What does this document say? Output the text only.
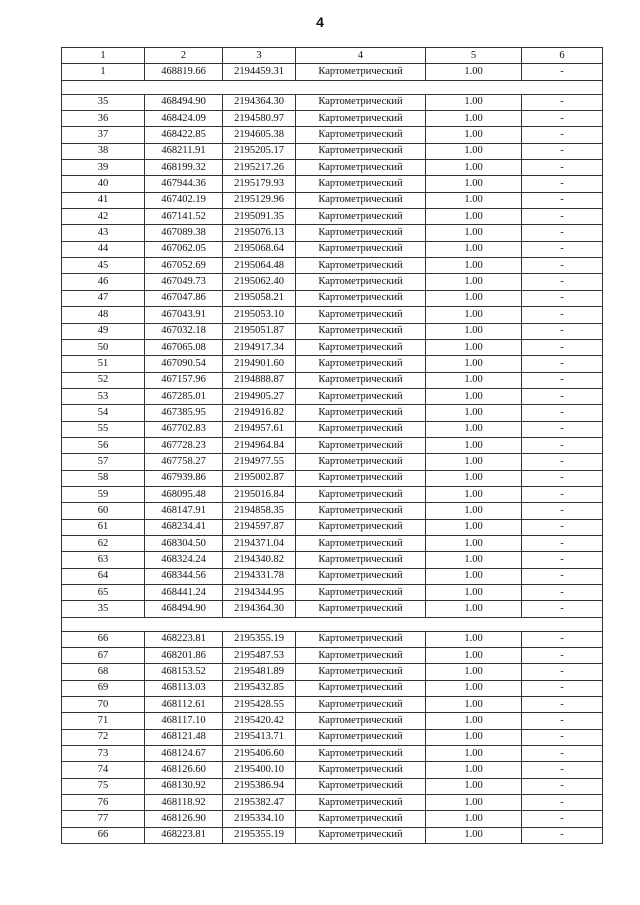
4
1	2	3	4	5	6
1	468819.66	2194459.31	Картометрический	1.00	-

35	468494.90	2194364.30	Картометрический	1.00	-
36	468424.09	2194580.97	Картометрический	1.00	-
37	468422.85	2194605.38	Картометрический	1.00	-
38	468211.91	2195205.17	Картометрический	1.00	-
39	468199.32	2195217.26	Картометрический	1.00	-
40	467944.36	2195179.93	Картометрический	1.00	-
41	467402.19	2195129.96	Картометрический	1.00	-
42	467141.52	2195091.35	Картометрический	1.00	-
43	467089.38	2195076.13	Картометрический	1.00	-
44	467062.05	2195068.64	Картометрический	1.00	-
45	467052.69	2195064.48	Картометрический	1.00	-
46	467049.73	2195062.40	Картометрический	1.00	-
47	467047.86	2195058.21	Картометрический	1.00	-
48	467043.91	2195053.10	Картометрический	1.00	-
49	467032.18	2195051.87	Картометрический	1.00	-
50	467065.08	2194917.34	Картометрический	1.00	-
51	467090.54	2194901.60	Картометрический	1.00	-
52	467157.96	2194888.87	Картометрический	1.00	-
53	467285.01	2194905.27	Картометрический	1.00	-
54	467385.95	2194916.82	Картометрический	1.00	-
55	467702.83	2194957.61	Картометрический	1.00	-
56	467728.23	2194964.84	Картометрический	1.00	-
57	467758.27	2194977.55	Картометрический	1.00	-
58	467939.86	2195002.87	Картометрический	1.00	-
59	468095.48	2195016.84	Картометрический	1.00	-
60	468147.91	2194858.35	Картометрический	1.00	-
61	468234.41	2194597.87	Картометрический	1.00	-
62	468304.50	2194371.04	Картометрический	1.00	-
63	468324.24	2194340.82	Картометрический	1.00	-
64	468344.56	2194331.78	Картометрический	1.00	-
65	468441.24	2194344.95	Картометрический	1.00	-
35	468494.90	2194364.30	Картометрический	1.00	-

66	468223.81	2195355.19	Картометрический	1.00	-
67	468201.86	2195487.53	Картометрический	1.00	-
68	468153.52	2195481.89	Картометрический	1.00	-
69	468113.03	2195432.85	Картометрический	1.00	-
70	468112.61	2195428.55	Картометрический	1.00	-
71	468117.10	2195420.42	Картометрический	1.00	-
72	468121.48	2195413.71	Картометрический	1.00	-
73	468124.67	2195406.60	Картометрический	1.00	-
74	468126.60	2195400.10	Картометрический	1.00	-
75	468130.92	2195386.94	Картометрический	1.00	-
76	468118.92	2195382.47	Картометрический	1.00	-
77	468126.90	2195334.10	Картометрический	1.00	-
66	468223.81	2195355.19	Картометрический	1.00	-
